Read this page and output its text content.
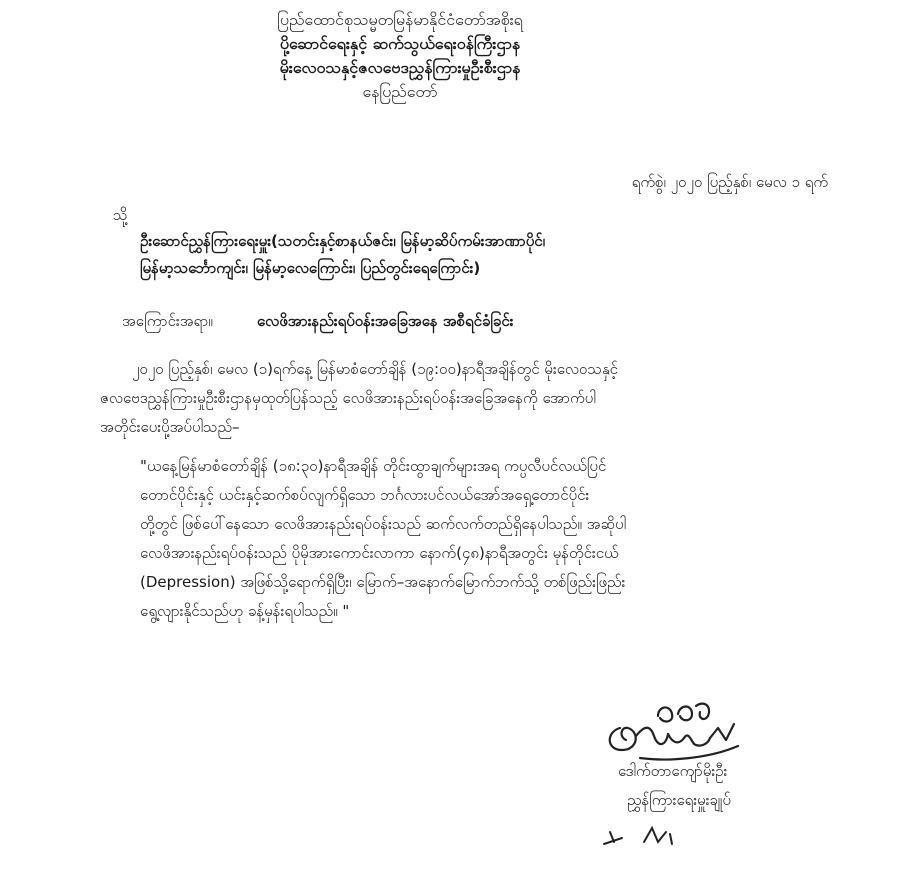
ပြည်ထောင်စုသမ္မတမြန်မာနိုင်ငံတော်အစိုးရ
ပို့ဆောင်ရေးနှင့် ဆက်သွယ်ရေးဝန်ကြီးဌာန
မိုးလေဝသနှင့်ဇလဗေဒညွှန်ကြားမှုဦးစီးဌာန
နေပြည်တော်
ရက်စွဲ၊ ၂၀၂၀ ပြည့်နှစ်၊ မေလ ၁ ရက်
သို့
ဦးဆောင်ညွှန်ကြားရေးမှူး(သတင်းနှင့်စာနယ်ဇင်း၊ မြန်မာ့ဆိပ်ကမ်းအာဏာပိုင်၊
မြန်မာ့သင်္ဘောကျင်း၊ မြန်မာ့လေကြောင်း၊ ပြည်တွင်းရေကြောင်း)
အကြောင်းအရာ။	လေဖိအားနည်းရပ်ဝန်းအခြေအနေ အစီရင်ခံခြင်း
၂၀၂၀ ပြည့်နှစ်၊ မေလ (၁)ရက်နေ့ မြန်မာစံတော်ချိန် (၁၉:၀၀)နာရီအချိန်တွင် မိုးလေဝသနှင့်
ဇလဗေဒညွှန်ကြားမှုဦးစီးဌာနမှထုတ်ပြန်သည့် လေဖိအားနည်းရပ်ဝန်းအခြေအနေကို အောက်ပါ
အတိုင်းပေးပို့အပ်ပါသည်–
"ယနေ့မြန်မာစံတော်ချိန် (၁၈:၃၀)နာရီအချိန် တိုင်းထွာချက်များအရ ကပ္ပလီပင်လယ်ပြင်
တောင်ပိုင်းနှင့် ယင်းနှင့်ဆက်စပ်လျက်ရှိသော ဘင်္ဂလားပင်လယ်အော်အရှေ့တောင်ပိုင်း
တို့တွင် ဖြစ်ပေါ်နေသော လေဖိအားနည်းရပ်ဝန်းသည် ဆက်လက်တည်ရှိနေပါသည်။ အဆိုပါ
လေဖိအားနည်းရပ်ဝန်းသည် ပိုမိုအားကောင်းလာကာ နောက်(၄၈)နာရီအတွင်း မုန်တိုင်းငယ်
(Depression) အဖြစ်သို့ရောက်ရှိပြီး၊ မြောက်–အနောက်မြောက်ဘက်သို့ တစ်ဖြည်းဖြည်း
ရွေ့လျားနိုင်သည်ဟု ခန့်မှန်းရပါသည်။ "
ဒေါက်တာကျော်မိုးဦး
ညွှန်ကြားရေးမှူးချုပ်
